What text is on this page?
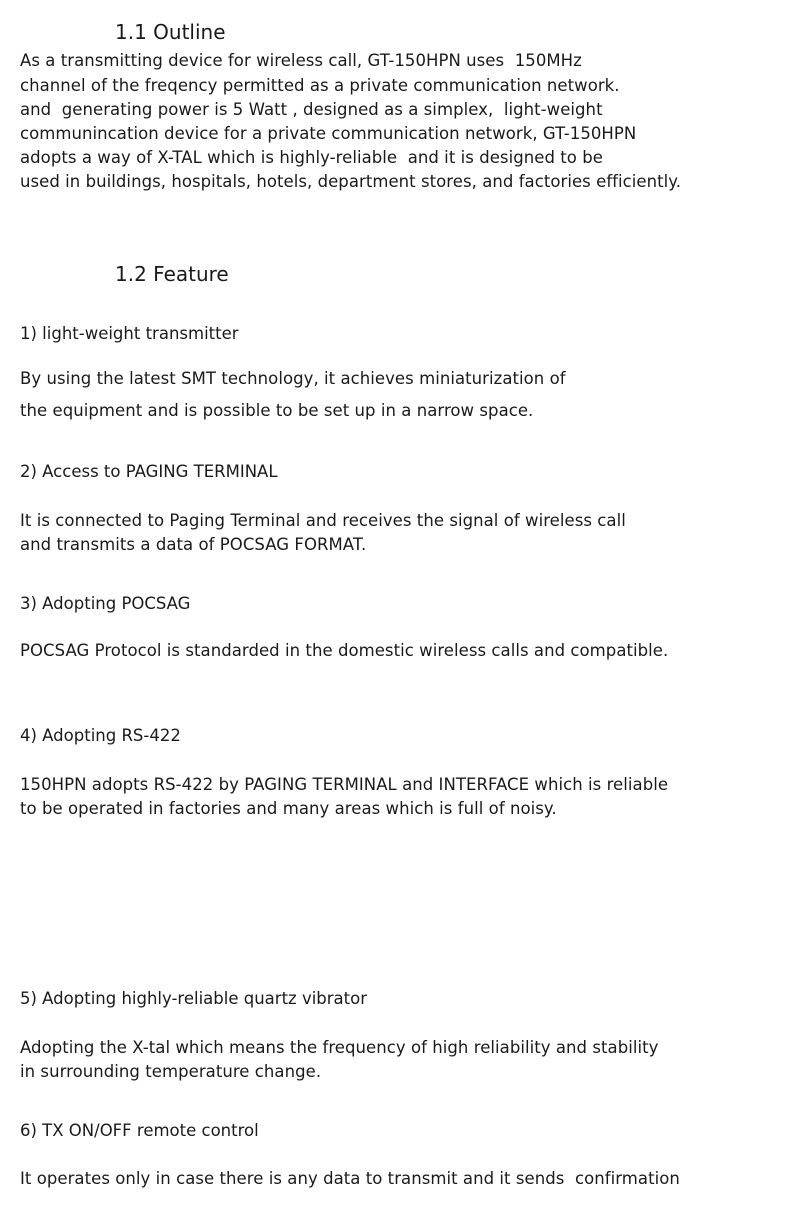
1.1 Outline
As a transmitting device for wireless call, GT-150HPN uses  150MHz
channel of the freqency permitted as a private communication network.
and  generating power is 5 Watt , designed as a simplex,  light-weight
communincation device for a private communication network, GT-150HPN
adopts a way of X-TAL which is highly-reliable  and it is designed to be
used in buildings, hospitals, hotels, department stores, and factories efficiently.
1.2 Feature
1) light-weight transmitter
By using the latest SMT technology, it achieves miniaturization of
the equipment and is possible to be set up in a narrow space.
2) Access to PAGING TERMINAL
It is connected to Paging Terminal and receives the signal of wireless call
and transmits a data of POCSAG FORMAT.
3) Adopting POCSAG
POCSAG Protocol is standarded in the domestic wireless calls and compatible.
4) Adopting RS-422
150HPN adopts RS-422 by PAGING TERMINAL and INTERFACE which is reliable
to be operated in factories and many areas which is full of noisy.
5) Adopting highly-reliable quartz vibrator
Adopting the X-tal which means the frequency of high reliability and stability
in surrounding temperature change.
6) TX ON/OFF remote control
It operates only in case there is any data to transmit and it sends  confirmation
